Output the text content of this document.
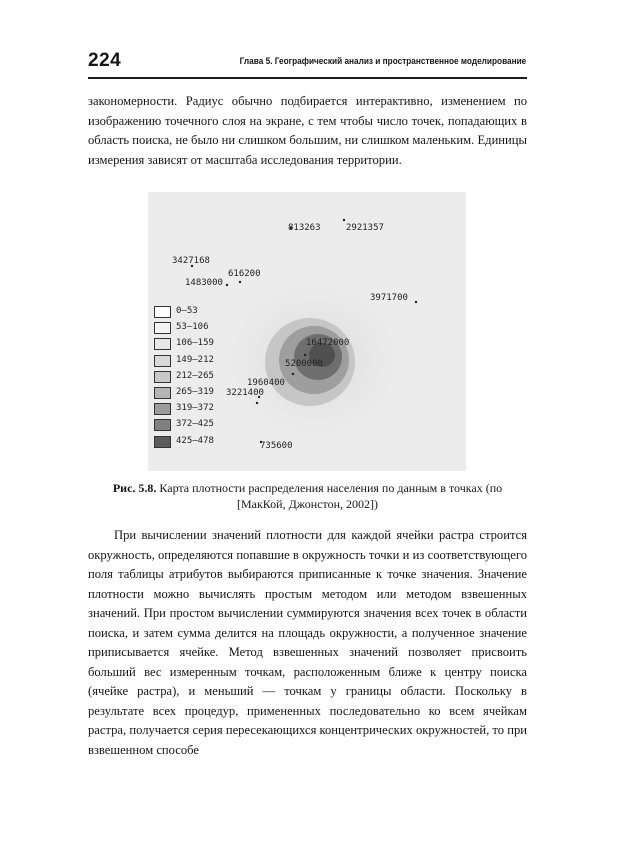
224	Глава 5. Географический анализ и пространственное моделирование

закономерности. Радиус обычно подбирается интерактивно, изменением по изображению точечного слоя на экране, с тем чтобы число точек, попадающих в область поиска, не было ни слишком большим, ни слишком маленьким. Единицы измерения зависят от масштаба исследования территории.

813263	2921357
3427168
616200
1483000
3971700
16472000
5200000
1960400
3221400
735600
0–53
53–106
106–159
149–212
212–265
265–319
319–372
372–425
425–478
Рис. 5.8. Карта плотности распределения населения по данным в точках (по [МакКой, Джонстон, 2002])

При вычислении значений плотности для каждой ячейки растра строится окружность, определяются попавшие в окружность точки и из соответствующего поля таблицы атрибутов выбираются приписанные к точке значения. Значение плотности можно вычислять простым методом или методом взвешенных значений. При простом вычислении суммируются значения всех точек в области поиска, и затем сумма делится на площадь окружности, а полученное значение приписывается ячейке. Метод взвешенных значений позволяет присвоить больший вес измеренным точкам, расположенным ближе к центру поиска (ячейке растра), и меньший — точкам у границы области. Поскольку в результате всех процедур, примененных последовательно ко всем ячейкам растра, получается серия пересекающихся концентрических окружностей, то при взвешенном способе
